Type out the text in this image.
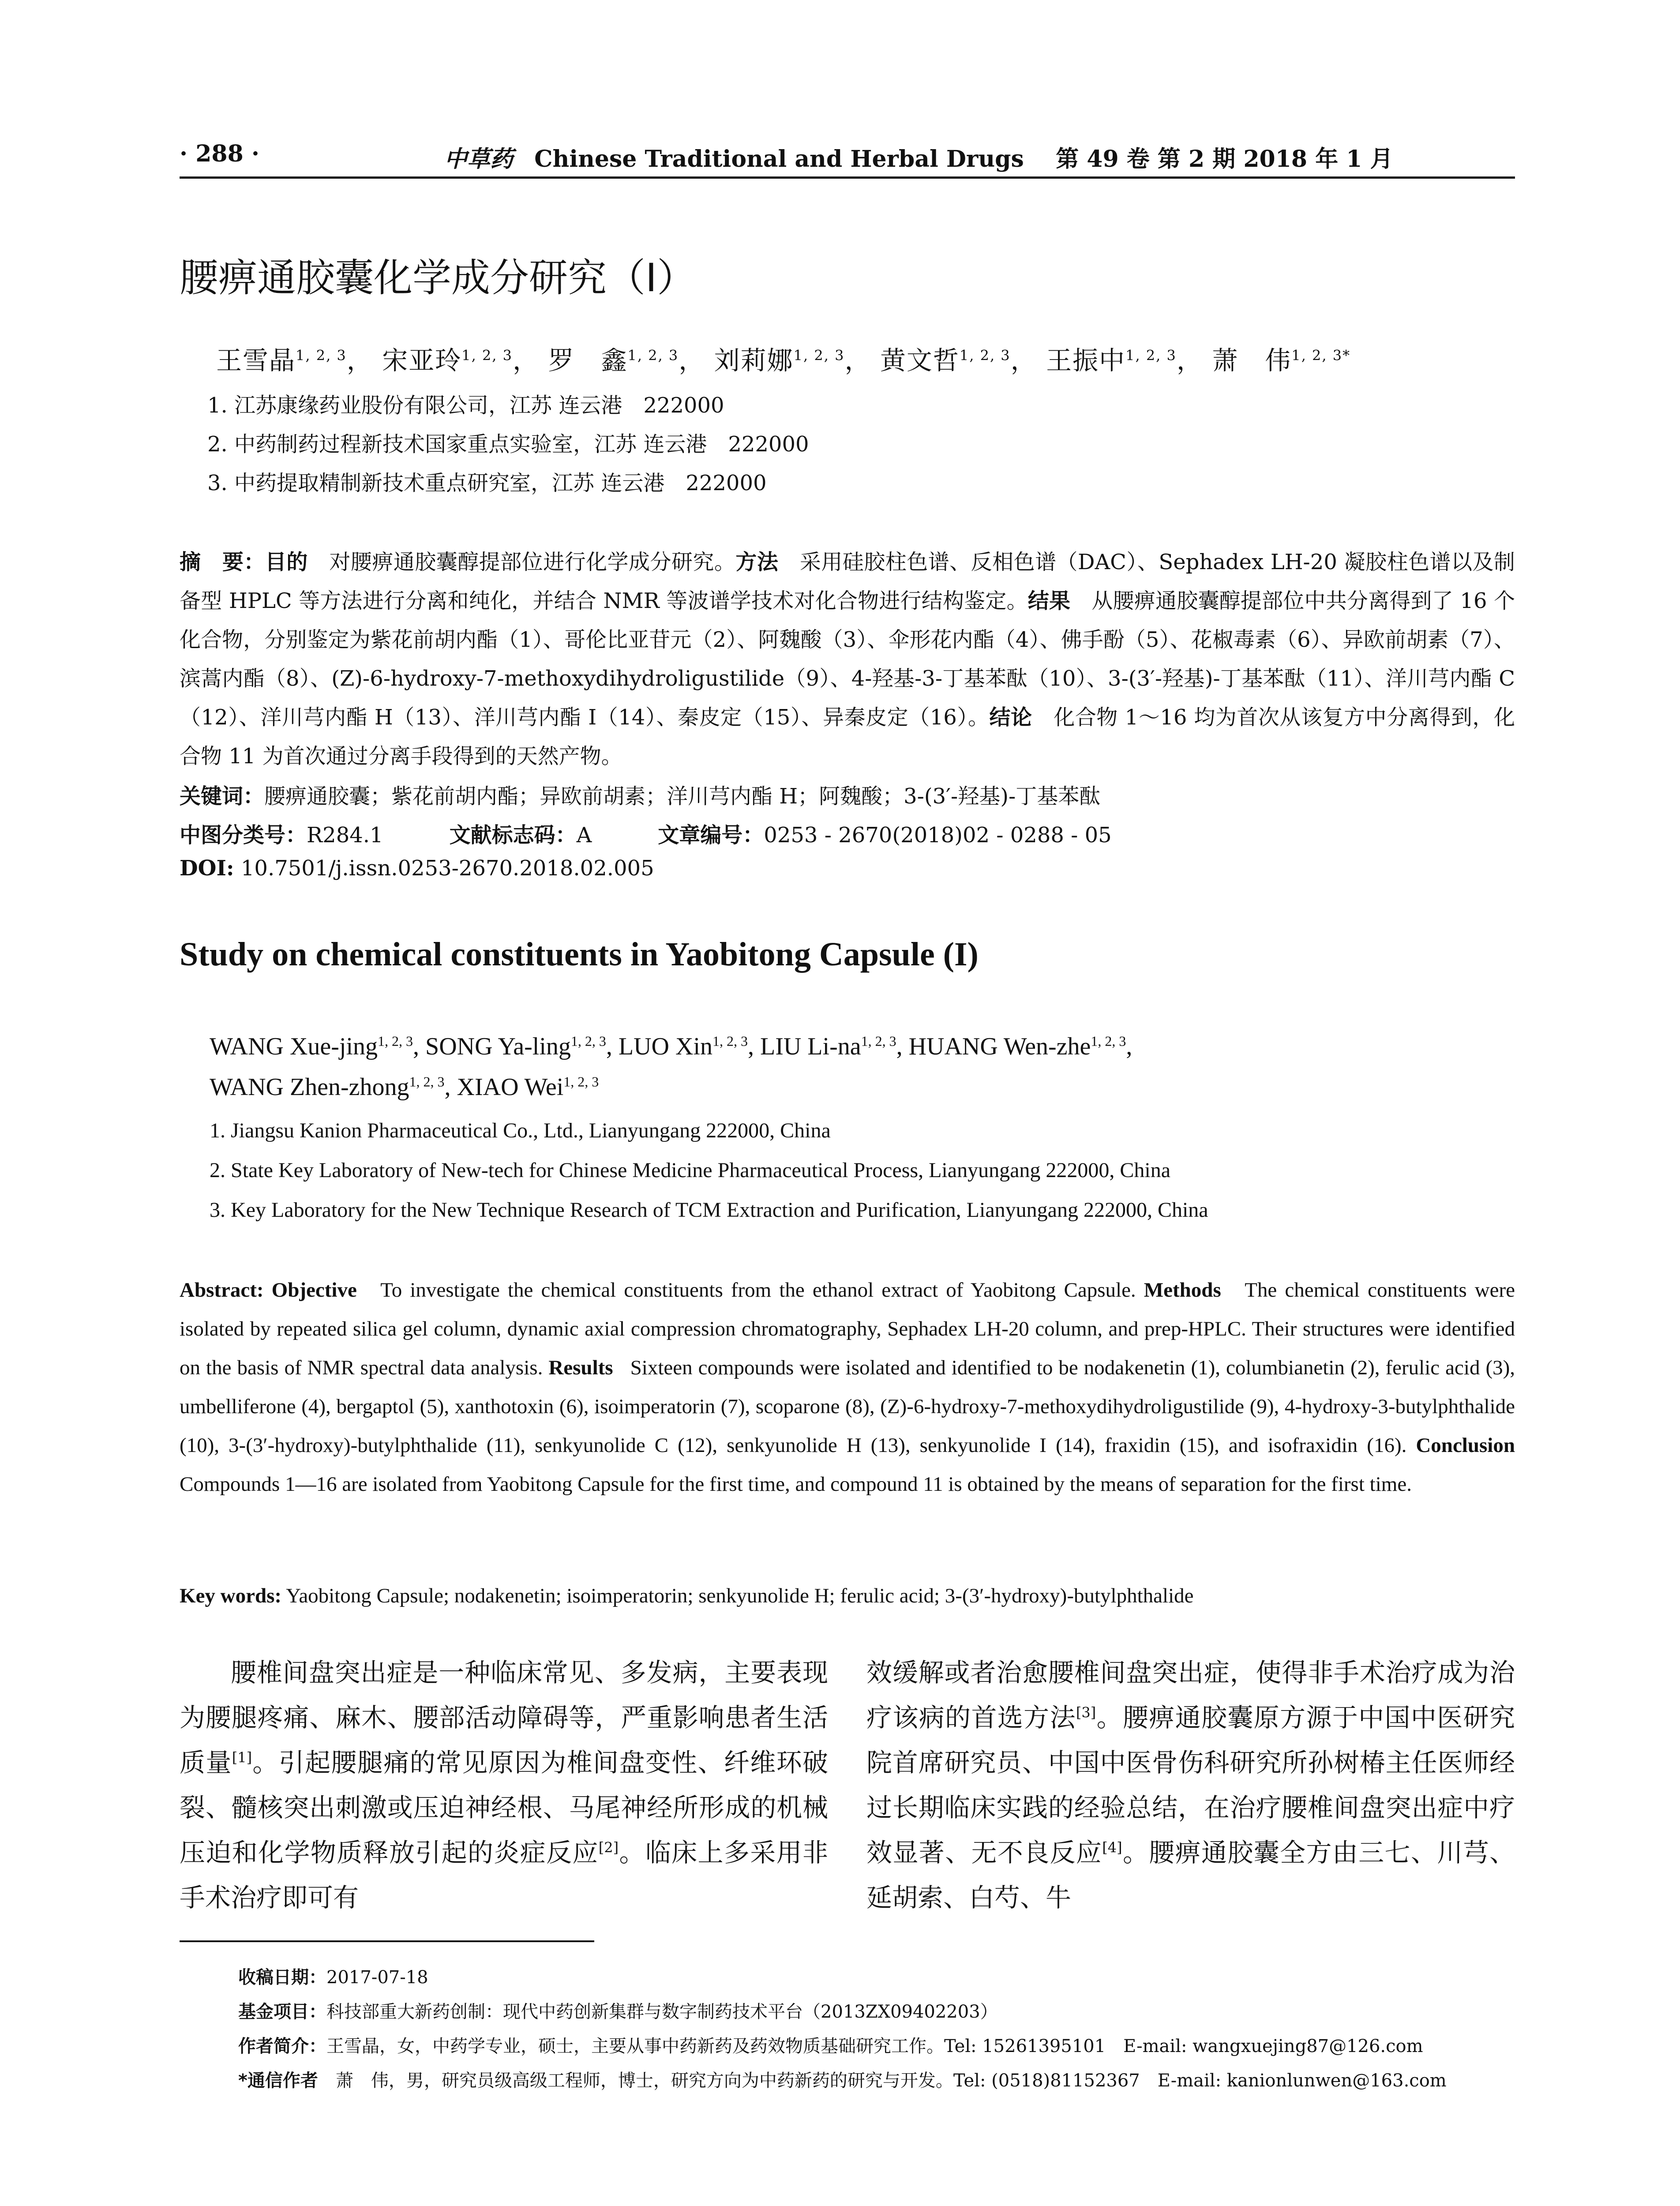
· 288 ·	中草药 Chinese Traditional and Herbal Drugs 第 49 卷 第 2 期 2018 年 1 月
腰痹通胶囊化学成分研究（I）
王雪晶$^{1, 2, 3}$， 宋亚玲$^{1, 2, 3}$， 罗　鑫$^{1, 2, 3}$， 刘莉娜$^{1, 2, 3}$， 黄文哲$^{1, 2, 3}$， 王振中$^{1, 2, 3}$， 萧　伟$^{1, 2, 3*}$
1. 江苏康缘药业股份有限公司，江苏 连云港　222000
2. 中药制药过程新技术国家重点实验室，江苏 连云港　222000
3. 中药提取精制新技术重点研究室，江苏 连云港　222000
摘　要：目的　 对腰痹通胶囊醇提部位进行化学成分研究。方法　 采用硅胶柱色谱、反相色谱（DAC）、Sephadex LH-20 凝胶柱色谱以及制备型 HPLC 等方法进行分离和纯化，并结合 NMR 等波谱学技术对化合物进行结构鉴定。结果　 从腰痹通胶囊醇提部位中共分离得到了 16 个化合物，分别鉴定为紫花前胡内酯（1）、哥伦比亚苷元（2）、阿魏酸（3）、伞形花内酯（4）、佛手酚（5）、花椒毒素（6）、异欧前胡素（7）、滨蒿内酯（8）、(Z)-6-hydroxy-7-methoxydihydroligustilide（9）、4-羟基-3-丁基苯酞（10）、3-(3′-羟基)-丁基苯酞（11）、洋川芎内酯 C（12）、洋川芎内酯 H（13）、洋川芎内酯 I（14）、秦皮定（15）、异秦皮定（16）。结论　 化合物 1～16 均为首次从该复方中分离得到，化合物 11 为首次通过分离手段得到的天然产物。
关键词：腰痹通胶囊；紫花前胡内酯；异欧前胡素；洋川芎内酯 H；阿魏酸；3-(3′-羟基)-丁基苯酞
中图分类号：R284.1	文献标志码：A	文章编号：0253 - 2670(2018)02 - 0288 - 05
DOI: 10.7501/j.issn.0253-2670.2018.02.005
Study on chemical constituents in Yaobitong Capsule (I)
WANG Xue-jing$^{1, 2, 3}$, SONG Ya-ling$^{1, 2, 3}$, LUO Xin$^{1, 2, 3}$, LIU Li-na$^{1, 2, 3}$, HUANG Wen-zhe$^{1, 2, 3}$,
WANG Zhen-zhong$^{1, 2, 3}$, XIAO Wei$^{1, 2, 3}$
1. Jiangsu Kanion Pharmaceutical Co., Ltd., Lianyungang 222000, China
2. State Key Laboratory of New-tech for Chinese Medicine Pharmaceutical Process, Lianyungang 222000, China
3. Key Laboratory for the New Technique Research of TCM Extraction and Purification, Lianyungang 222000, China
Abstract: Objective To investigate the chemical constituents from the ethanol extract of Yaobitong Capsule. Methods The chemical constituents were isolated by repeated silica gel column, dynamic axial compression chromatography, Sephadex LH-20 column, and prep-HPLC. Their structures were identified on the basis of NMR spectral data analysis. Results Sixteen compounds were isolated and identified to be nodakenetin (1), columbianetin (2), ferulic acid (3), umbelliferone (4), bergaptol (5), xanthotoxin (6), isoimperatorin (7), scoparone (8), (Z)-6-hydroxy-7-methoxydihydroligustilide (9), 4-hydroxy-3-butylphthalide (10), 3-(3′-hydroxy)-butylphthalide (11), senkyunolide C (12), senkyunolide H (13), senkyunolide I (14), fraxidin (15), and isofraxidin (16). Conclusion Compounds 1—16 are isolated from Yaobitong Capsule for the first time, and compound 11 is obtained by the means of separation for the first time.
Key words: Yaobitong Capsule; nodakenetin; isoimperatorin; senkyunolide H; ferulic acid; 3-(3′-hydroxy)-butylphthalide
腰椎间盘突出症是一种临床常见、多发病，主要表现为腰腿疼痛、麻木、腰部活动障碍等，严重影响患者生活质量[1]。引起腰腿痛的常见原因为椎间盘变性、纤维环破裂、髓核突出刺激或压迫神经根、马尾神经所形成的机械压迫和化学物质释放引起的炎症反应[2]。临床上多采用非手术治疗即可有
效缓解或者治愈腰椎间盘突出症，使得非手术治疗成为治疗该病的首选方法[3]。腰痹通胶囊原方源于中国中医研究院首席研究员、中国中医骨伤科研究所孙树椿主任医师经过长期临床实践的经验总结，在治疗腰椎间盘突出症中疗效显著、无不良反应[4]。腰痹通胶囊全方由三七、川芎、延胡索、白芍、牛
收稿日期：2017-07-18
基金项目：科技部重大新药创制：现代中药创新集群与数字制药技术平台（2013ZX09402203）
作者简介：王雪晶，女，中药学专业，硕士，主要从事中药新药及药效物质基础研究工作。Tel: 15261395101　E-mail: wangxuejing87@126.com
*通信作者　 萧　伟，男，研究员级高级工程师，博士，研究方向为中药新药的研究与开发。Tel: (0518)81152367　E-mail: kanionlunwen@163.com
